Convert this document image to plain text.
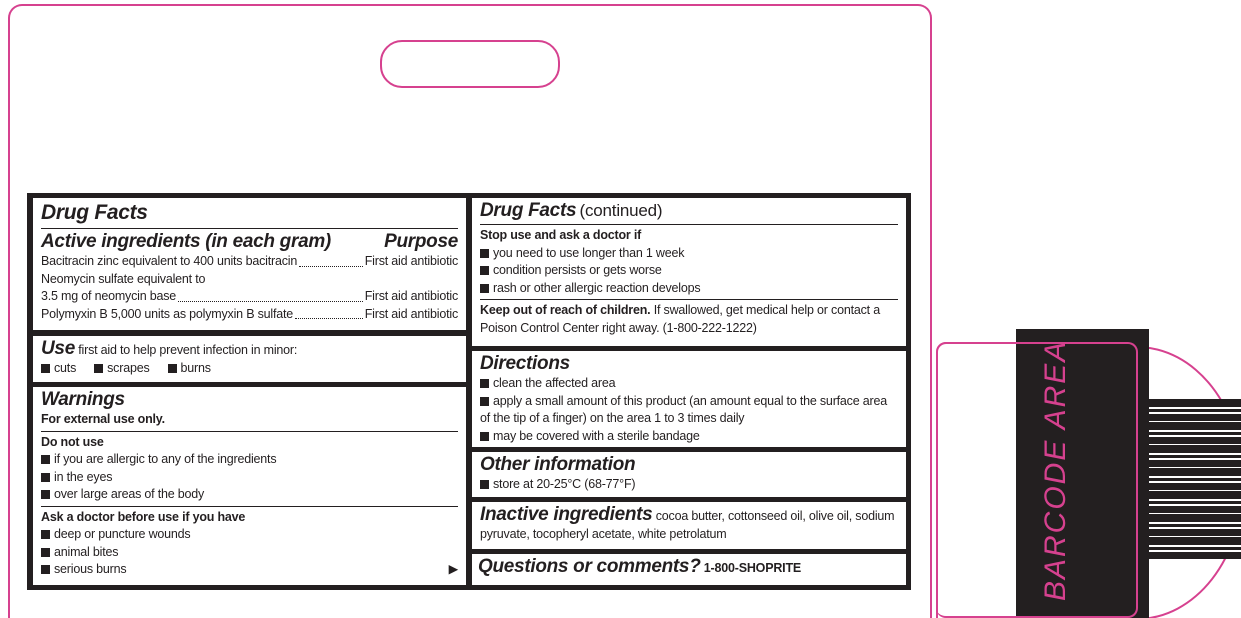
BARCODE AREA
Drug Facts
Active ingredients (in each gram)	Purpose
Bacitracin zinc equivalent to 400 units bacitracin	First aid antibiotic
Neomycin sulfate equivalent to
3.5 mg of neomycin base	First aid antibiotic
Polymyxin B 5,000 units as polymyxin B sulfate	First aid antibiotic
Use first aid to help prevent infection in minor:
cuts scrapes burns
Warnings
For external use only.
Do not use
if you are allergic to any of the ingredients
in the eyes
over large areas of the body
Ask a doctor before use if you have
deep or puncture wounds
animal bites
serious burns	▶
Drug Facts (continued)
Stop use and ask a doctor if
you need to use longer than 1 week
condition persists or gets worse
rash or other allergic reaction develops
Keep out of reach of children. If swallowed, get medical help or contact a Poison Control Center right away. (1-800-222-1222)
Directions
clean the affected area
apply a small amount of this product (an amount equal to the surface area of the tip of a finger) on the area 1 to 3 times daily
may be covered with a sterile bandage
Other information
store at 20-25°C (68-77°F)
Inactive ingredients cocoa butter, cottonseed oil, olive oil, sodium pyruvate, tocopheryl acetate, white petrolatum
Questions or comments? 1-800-SHOPRITE
